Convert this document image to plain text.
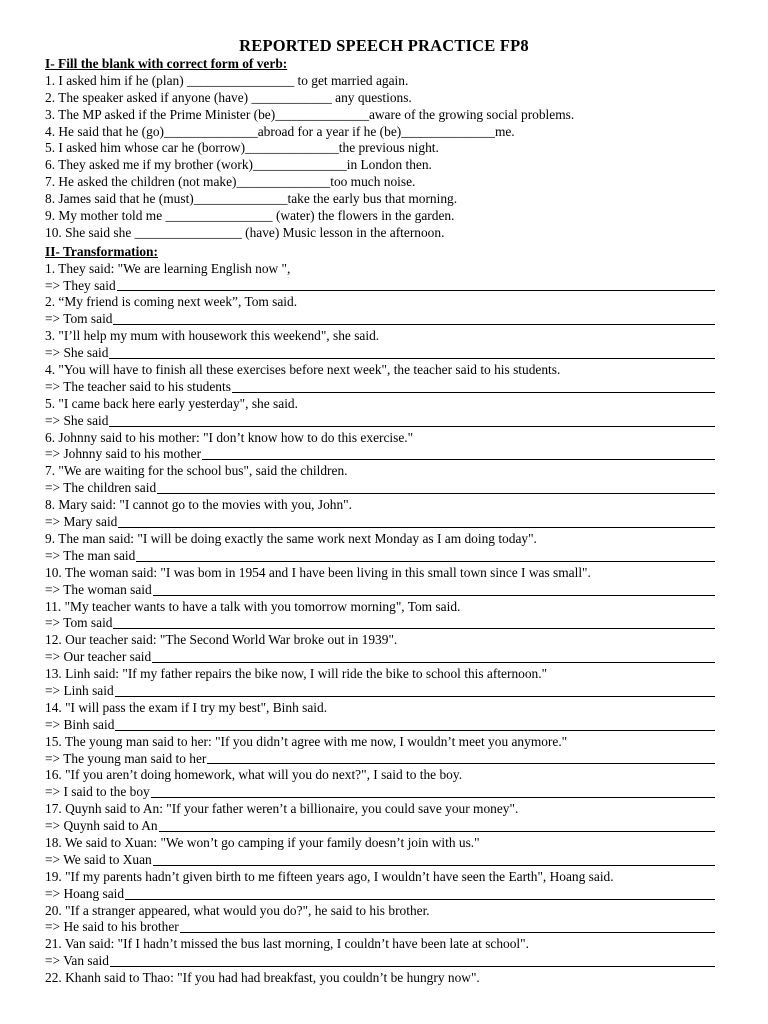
REPORTED SPEECH PRACTICE FP8
I- Fill the blank with correct form of verb:
1. I asked him if he (plan) ________________ to get married again.
2. The speaker asked if anyone (have) ____________ any questions.
3. The MP asked if the Prime Minister (be)______________aware of the growing social problems.
4. He said that he (go)______________abroad for a year if he (be)______________me.
5. I asked him whose car he (borrow)______________the previous night.
6. They asked me if my brother (work)______________in London then.
7. He asked the children (not make)______________too much noise.
8. James said that he (must)______________take the early bus that morning.
9. My mother told me ________________ (water) the flowers in the garden.
10. She said she ________________ (have) Music lesson in the afternoon.
II- Transformation:
1. They said: "We are learning English now ",
=> They said
2. “My friend is coming next week”, Tom said.
=> Tom said
3. "I’ll help my mum with housework this weekend", she said.
=> She said
4. "You will have to finish all these exercises before next week", the teacher said to his students.
=> The teacher said to his students
5. "I came back here early yesterday", she said.
=> She said
6. Johnny said to his mother: "I don’t know how to do this exercise."
=> Johnny said to his mother
7. "We are waiting for the school bus", said the children.
=> The children said
8. Mary said: "I cannot go to the movies with you, John".
=> Mary said
9. The man said: "I will be doing exactly the same work next Monday as I am doing today".
=> The man said
10. The woman said: "I was bom in 1954 and I have been living in this small town since I was small".
=> The woman said
11. "My teacher wants to have a talk with you tomorrow morning", Tom said.
=> Tom said
12. Our teacher said: "The Second World War broke out in 1939".
=> Our teacher said
13. Linh said: "If my father repairs the bike now, I will ride the bike to school this afternoon."
=> Linh said
14. "I will pass the exam if I try my best", Binh said.
=> Binh said
15. The young man said to her: "If you didn’t agree with me now, I wouldn’t meet you anymore."
=> The young man said to her
16. "If you aren’t doing homework, what will you do next?", I said to the boy.
=> I said to the boy
17. Quynh said to An: "If your father weren’t a billionaire, you could save your money".
=> Quynh said to An
18. We said to Xuan: "We won’t go camping if your family doesn’t join with us."
=> We said to Xuan
19. "If my parents hadn’t given birth to me fifteen years ago, I wouldn’t have seen the Earth", Hoang said.
=> Hoang said
20. "If a stranger appeared, what would you do?", he said to his brother.
=> He said to his brother
21. Van said: "If I hadn’t missed the bus last morning, I couldn’t have been late at school".
=> Van said
22. Khanh said to Thao: "If you had had breakfast, you couldn’t be hungry now".
